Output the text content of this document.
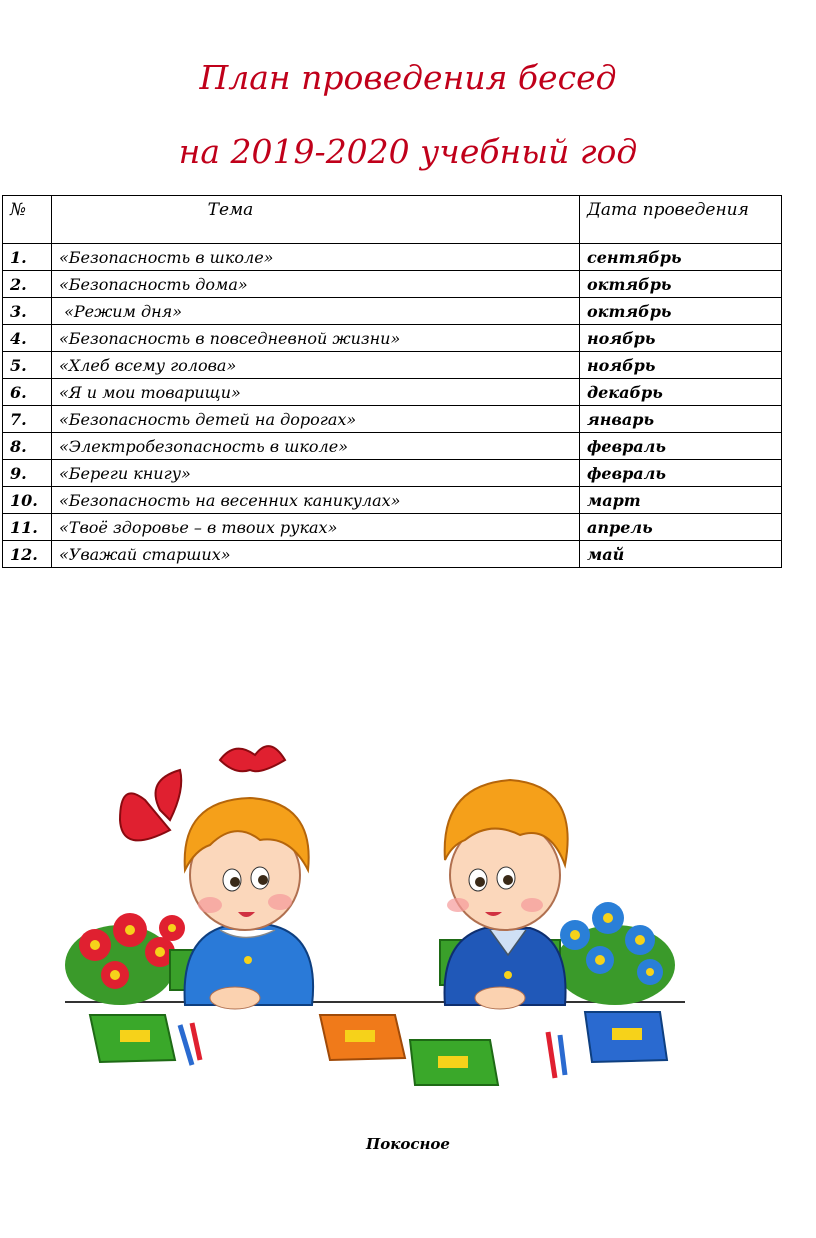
План проведения бесед
на 2019-2020 учебный год
№	Тема	Дата проведения
1.	«Безопасность в школе»	сентябрь
2.	«Безопасность дома»	октябрь
3.	«Режим дня»	октябрь
4.	«Безопасность в повседневной жизни»	ноябрь
5.	«Хлеб всему голова»	ноябрь
6.	«Я и мои товарищи»	декабрь
7.	«Безопасность детей на дорогах»	январь
8.	«Электробезопасность в школе»	февраль
9.	«Береги книгу»	февраль
10.	«Безопасность на весенних каникулах»	март
11.	«Твоё здоровье – в твоих руках»	апрель
12.	«Уважай старших»	май
Покосное
